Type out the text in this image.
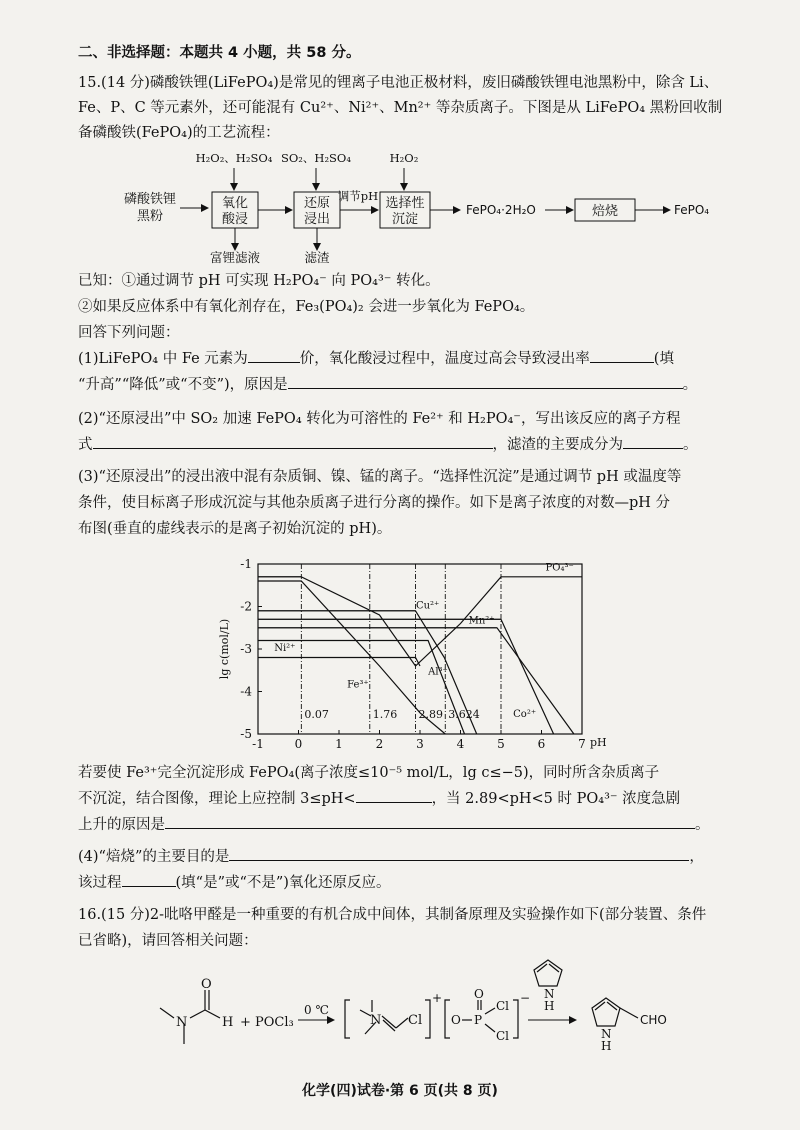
二、非选择题：本题共 4 小题，共 58 分。
15.(14 分)磷酸铁锂(LiFePO₄)是常见的锂离子电池正极材料，废旧磷酸铁锂电池黑粉中，除含 Li、
Fe、P、C 等元素外，还可能混有 Cu²⁺、Ni²⁺、Mn²⁺ 等杂质离子。下图是从 LiFePO₄ 黑粉回收制
备磷酸铁(FePO₄)的工艺流程：
磷酸铁锂
黑粉
H₂O₂、H₂SO₄
氧化
酸浸
富锂滤液
SO₂、H₂SO₄
还原
浸出
滤渣
调节pH
H₂O₂
选择性
沉淀
FePO₄·2H₂O	焙烧	FePO₄
已知：①通过调节 pH 可实现 H₂PO₄⁻ 向 PO₄³⁻ 转化。
②如果反应体系中有氧化剂存在，Fe₃(PO₄)₂ 会进一步氧化为 FePO₄。
回答下列问题：
(1)LiFePO₄ 中 Fe 元素为	价，氧化酸浸过程中，温度过高会导致浸出率	(填
“升高”“降低”或“不变”)，原因是	。
(2)“还原浸出”中 SO₂ 加速 FePO₄ 转化为可溶性的 Fe²⁺ 和 H₂PO₄⁻，写出该反应的离子方程
式	，滤渣的主要成分为	。
(3)“还原浸出”的浸出液中混有杂质铜、镍、锰的离子。“选择性沉淀”是通过调节 pH 或温度等
条件，使目标离子形成沉淀与其他杂质离子进行分离的操作。如下是离子浓度的对数—pH 分
布图(垂直的虚线表示的是离子初始沉淀的 pH)。
-1	0	1	2	3	4	5	6	7 pH
-1
-2
-3
-4
-5
lg c(mol/L)
0.07	1.76 2.89 3.624
PO₄³⁻
Cu²⁺
Mn²⁺
Ni²⁺
Fe³⁺
Al³⁺
Co²⁺
若要使 Fe³⁺完全沉淀形成 FePO₄(离子浓度≤10⁻⁵ mol/L，lg c≤−5)，同时所含杂质离子
不沉淀，结合图像，理论上应控制 3≤pH<	，当 2.89<pH<5 时 PO₄³⁻ 浓度急剧
上升的原因是	。
(4)“焙烧”的主要目的是	，
该过程	(填“是”或“不是”)氧化还原反应。
16.(15 分)2-吡咯甲醛是一种重要的有机合成中间体，其制备原理及实验操作如下(部分装置、条件
已省略)，请回答相关问题：
N
O
H + POCl₃
0 ℃
N Cl
+
O
O
P
Cl
Cl
− N
H
N
H
CHO
化学(四)试卷·第 6 页(共 8 页)
